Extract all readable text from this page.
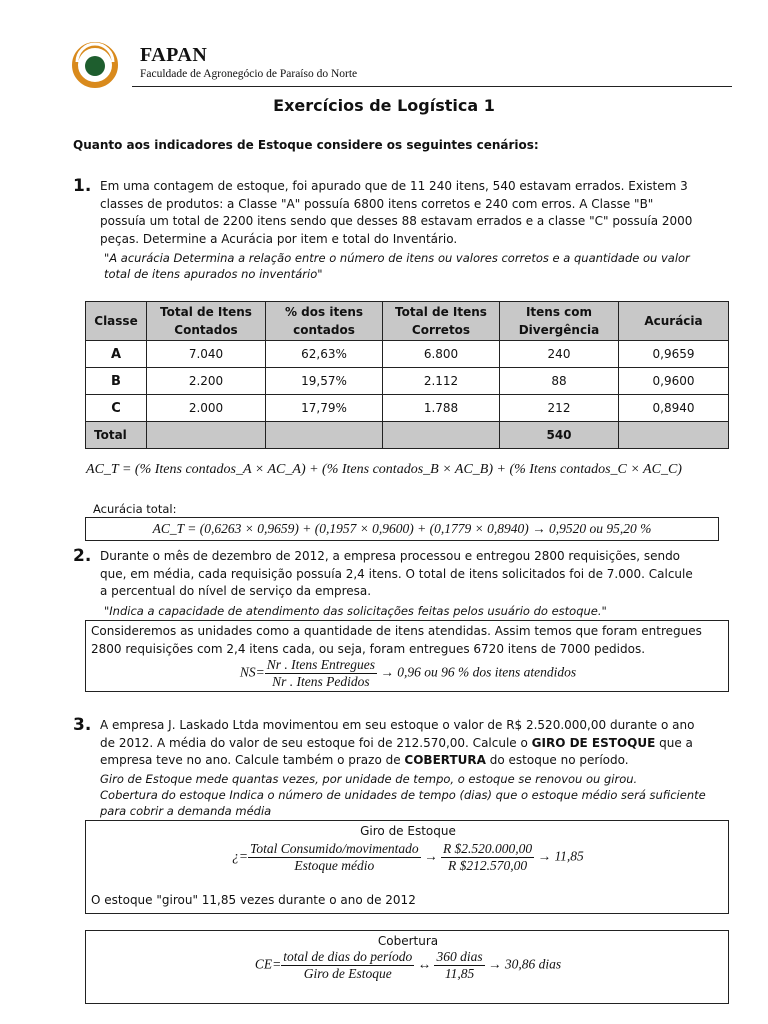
FAPAN
Faculdade de Agronegócio de Paraíso do Norte
Exercícios de Logística 1
Quanto aos indicadores de Estoque considere os seguintes cenários:
1. Em uma contagem de estoque, foi apurado que de 11 240 itens, 540 estavam errados. Existem 3
classes de produtos: a Classe "A" possuía 6800 itens corretos e 240 com erros. A Classe "B"
possuía um total de 2200 itens sendo que desses 88 estavam errados e a classe "C" possuía 2000
peças. Determine a Acurácia por item e total do Inventário.
"A acurácia Determina a relação entre o número de itens ou valores corretos e a quantidade ou valor
total de itens apurados no inventário"
Classe	Total de Itens Contados	% dos itens contados	Total de Itens Corretos	Itens com Divergência	Acurácia
A	7.040	62,63%	6.800	240	0,9659
B	2.200	19,57%	2.112	88	0,9600
C	2.000	17,79%	1.788	212	0,8940
Total				540	
AC_T = (% Itens contados_A × AC_A) + (% Itens contados_B × AC_B) + (% Itens contados_C × AC_C)
Acurácia total:
AC_T = (0,6263 × 0,9659) + (0,1957 × 0,9600) + (0,1779 × 0,8940) → 0,9520 ou 95,20 %
2. Durante o mês de dezembro de 2012, a empresa processou e entregou 2800 requisições, sendo
que, em média, cada requisição possuía 2,4 itens. O total de itens solicitados foi de 7.000. Calcule
a percentual do nível de serviço da empresa.
"Indica a capacidade de atendimento das solicitações feitas pelos usuário do estoque."
Consideremos as unidades como a quantidade de itens atendidas. Assim temos que foram entregues
2800 requisições com 2,4 itens cada, ou seja, foram entregues 6720 itens de 7000 pedidos.
$NS= \frac{\text{Nr . Itens Entregues}}{\text{Nr . Itens Pedidos}} \to 0,96$ ou 96 % dos itens atendidos
3. A empresa J. Laskado Ltda movimentou em seu estoque o valor de R$ 2.520.000,00 durante o ano
de 2012. A média do valor de seu estoque foi de 212.570,00. Calcule o GIRO DE ESTOQUE que a
empresa teve no ano. Calcule também o prazo de COBERTURA do estoque no período.
Giro de Estoque mede quantas vezes, por unidade de tempo, o estoque se renovou ou girou.
Cobertura do estoque Indica o número de unidades de tempo (dias) que o estoque médio será suficiente
para cobrir a demanda média
Giro de Estoque
¿= $\frac{\text{Total Consumido/movimentado}}{\text{Estoque médio}} \to \frac{R \$2.520.000,00}{R \$212.570,00} \to 11,85$
O estoque "girou" 11,85 vezes durante o ano de 2012
Cobertura
$CE= \frac{\text{total de dias do período}}{\text{Giro de Estoque}}$ ↔ $\frac{\text{360 dias}}{11,85} \to 30,86$ dias
